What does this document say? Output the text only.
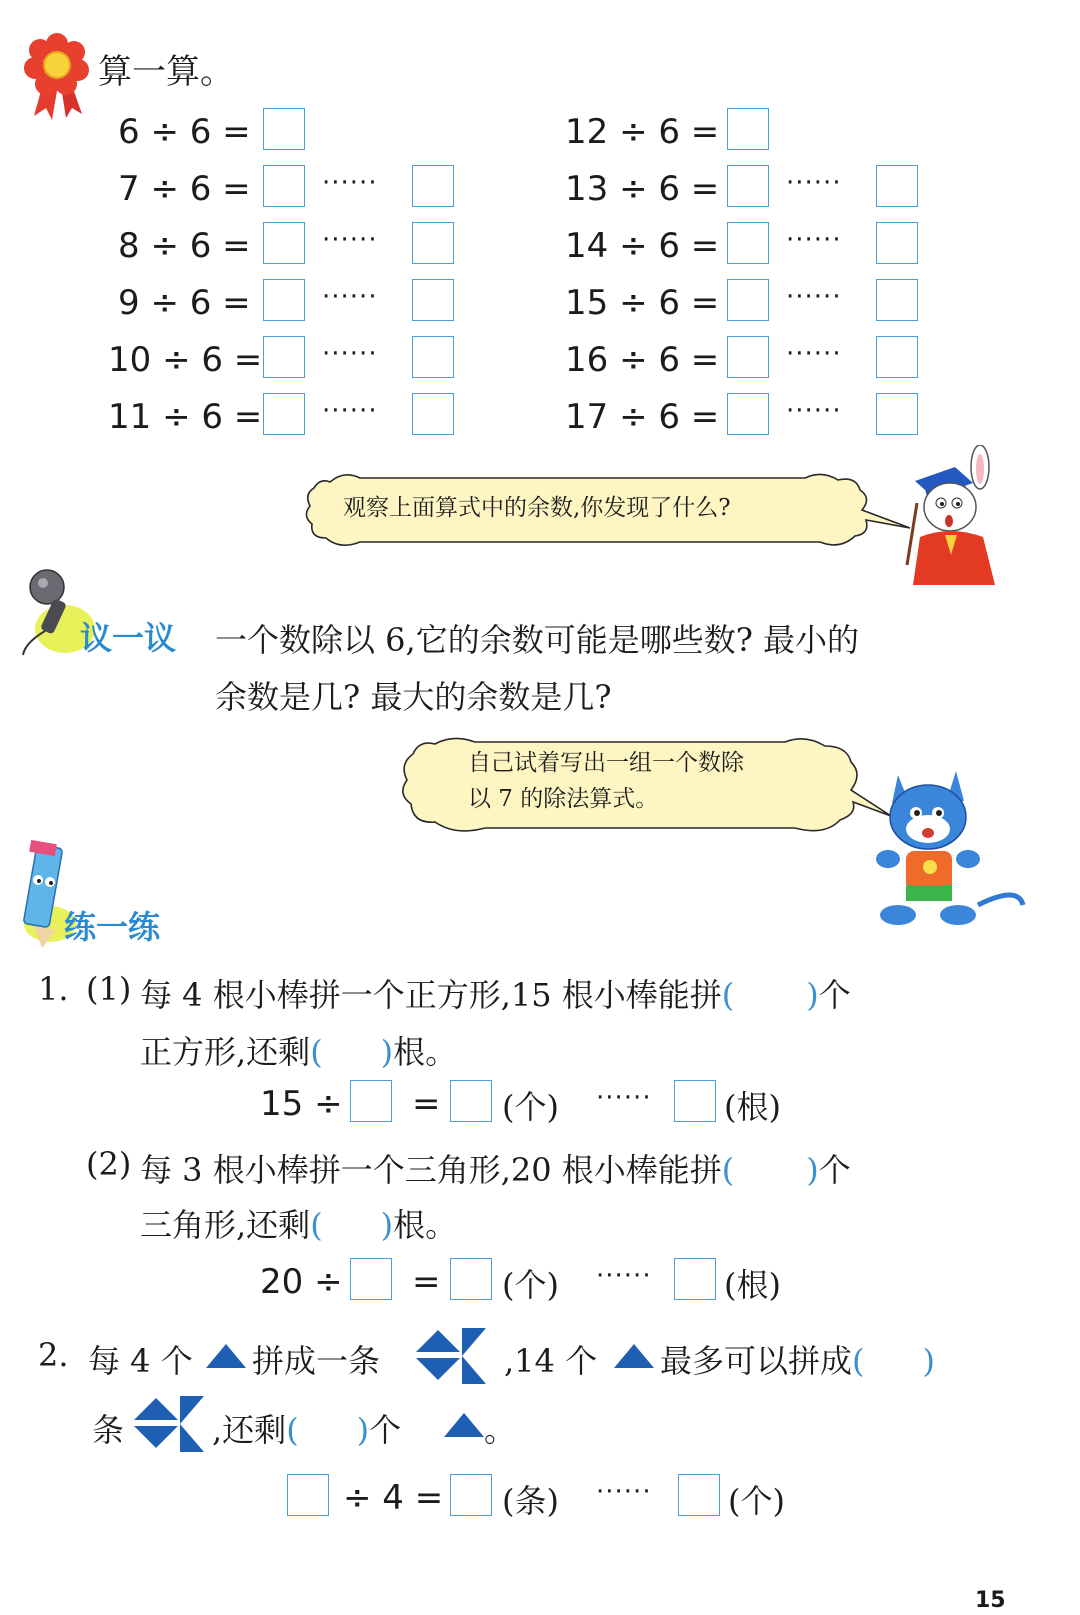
算一算。
6 ÷ 6 =
7 ÷ 6 =	······
8 ÷ 6 =	······
9 ÷ 6 =	······
10 ÷ 6 = ······
11 ÷ 6 = ······
12 ÷ 6 =
13 ÷ 6 =	······
14 ÷ 6 =	······
15 ÷ 6 =	······
16 ÷ 6 =	······
17 ÷ 6 =	······
观察上面算式中的余数,你发现了什么?
议一议 一个数除以 6,它的余数可能是哪些数? 最小的
余数是几? 最大的余数是几?
自己试着写出一组一个数除
以 7 的除法算式。
练一练
1. (1) 每 4 根小棒拼一个正方形,15 根小棒能拼( )个
正方形,还剩( )根。
15 ÷ = (个) ······ (根)
(2) 每 3 根小棒拼一个三角形,20 根小棒能拼( )个
三角形,还剩( )根。
20 ÷ = (个) ······ (根)
2. 每 4 个 拼成一条	,14 个 最多可以拼成( )
条	,还剩( )个	。
÷ 4 = (条) ······ (个)
15
